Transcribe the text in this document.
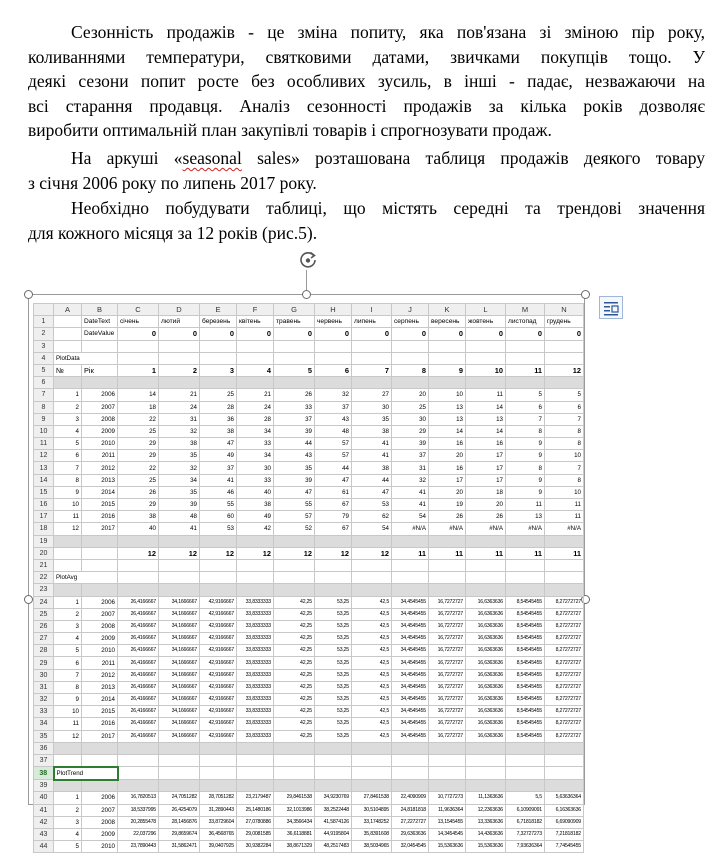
Сезонність продажів - це зміна попиту, яка пов'язана зі зміною пір року,
коливаннями температури, святковими датами, звичками покупців тощо. У
деякі сезони попит росте без особливих зусиль, в інші - падає, незважаючи на
всі старання продавця. Аналіз сезонності продажів за кілька років дозволяє
виробити оптимальній план закупівлі товарів і спрогнозувати продаж.
На аркуші «seasonal sales» розташована таблиця продажів деякого товару
з січня 2006 року по липень 2017 року.
Необхідно побудувати таблиці, що містять середні та трендові значення
для кожного місяця за 12 років (рис.5).
	A	B	C	D	E	F	G	H	I	J	K	L	M	N
1		DateText	січень	лютий	березень	квітень	травень	червень	липень	серпень	вересень	жовтень	листопад	грудень
2		DateValue	0	0	0	0	0	0	0	0	0	0	0	0
3														
4	PlotData													
5	№	Рік	1	2	3	4	5	6	7	8	9	10	11	12
6														
7	1	2006	14	21	25	21	26	32	27	20	10	11	5	5
8	2	2007	18	24	28	24	33	37	30	25	13	14	6	6
9	3	2008	22	31	36	28	37	43	35	30	13	13	7	7
10	4	2009	25	32	38	34	39	48	38	29	14	14	8	8
11	5	2010	29	38	47	33	44	57	41	39	16	16	9	8
12	6	2011	29	35	49	34	43	57	41	37	20	17	9	10
13	7	2012	22	32	37	30	35	44	38	31	16	17	8	7
14	8	2013	25	34	41	33	39	47	44	32	17	17	9	8
15	9	2014	26	35	46	40	47	61	47	41	20	18	9	10
16	10	2015	29	39	55	38	55	67	53	41	19	20	11	11
17	11	2016	38	48	60	49	57	79	62	54	26	26	13	11
18	12	2017	40	41	53	42	52	67	54	#N/A	#N/A	#N/A	#N/A	#N/A
19														
20			12	12	12	12	12	12	12	11	11	11	11	11
21														
22	PlotAvg													
23														
24	1	2006	26,4166667	34,1666667	42,9166667	33,8333333	42,25	53,25	42,5	34,4545455	16,7272727	16,6363636	8,54545455	8,27272727
25	2	2007	26,4166667	34,1666667	42,9166667	33,8333333	42,25	53,25	42,5	34,4545455	16,7272727	16,6363636	8,54545455	8,27272727
26	3	2008	26,4166667	34,1666667	42,9166667	33,8333333	42,25	53,25	42,5	34,4545455	16,7272727	16,6363636	8,54545455	8,27272727
27	4	2009	26,4166667	34,1666667	42,9166667	33,8333333	42,25	53,25	42,5	34,4545455	16,7272727	16,6363636	8,54545455	8,27272727
28	5	2010	26,4166667	34,1666667	42,9166667	33,8333333	42,25	53,25	42,5	34,4545455	16,7272727	16,6363636	8,54545455	8,27272727
29	6	2011	26,4166667	34,1666667	42,9166667	33,8333333	42,25	53,25	42,5	34,4545455	16,7272727	16,6363636	8,54545455	8,27272727
30	7	2012	26,4166667	34,1666667	42,9166667	33,8333333	42,25	53,25	42,5	34,4545455	16,7272727	16,6363636	8,54545455	8,27272727
31	8	2013	26,4166667	34,1666667	42,9166667	33,8333333	42,25	53,25	42,5	34,4545455	16,7272727	16,6363636	8,54545455	8,27272727
32	9	2014	26,4166667	34,1666667	42,9166667	33,8333333	42,25	53,25	42,5	34,4545455	16,7272727	16,6363636	8,54545455	8,27272727
33	10	2015	26,4166667	34,1666667	42,9166667	33,8333333	42,25	53,25	42,5	34,4545455	16,7272727	16,6363636	8,54545455	8,27272727
34	11	2016	26,4166667	34,1666667	42,9166667	33,8333333	42,25	53,25	42,5	34,4545455	16,7272727	16,6363636	8,54545455	8,27272727
35	12	2017	26,4166667	34,1666667	42,9166667	33,8333333	42,25	53,25	42,5	34,4545455	16,7272727	16,6363636	8,54545455	8,27272727
36														
37														
38	PlotTrend													
39														
40	1	2006	16,7820513	24,7051282	28,7051282	23,2179487	29,8461538	34,9230769	27,8461538	22,4090909	10,7727273	11,1363636	5,5	5,63636364
41	2	2007	18,5337995	26,4254079	31,2890443	25,1480186	32,1013986	38,2522448	30,5104895	24,8181818	11,9636364	12,2363636	6,10909091	6,16363636
42	3	2008	20,2855478	28,1456876	33,8729604	27,0780886	34,3566434	41,5874126	33,1748252	27,2272727	13,1545455	13,3363636	6,71818182	6,69090909
43	4	2009	22,037296	29,8659674	36,4568765	29,0081585	36,6118881	44,9195804	35,8391608	29,6363636	14,3454545	14,4363636	7,32727273	7,21818182
44	5	2010	23,7890443	31,5862471	39,0407925	30,9382284	38,8671329	48,2517483	38,5034965	32,0454545	15,5363636	15,5363636	7,93636364	7,74545455
